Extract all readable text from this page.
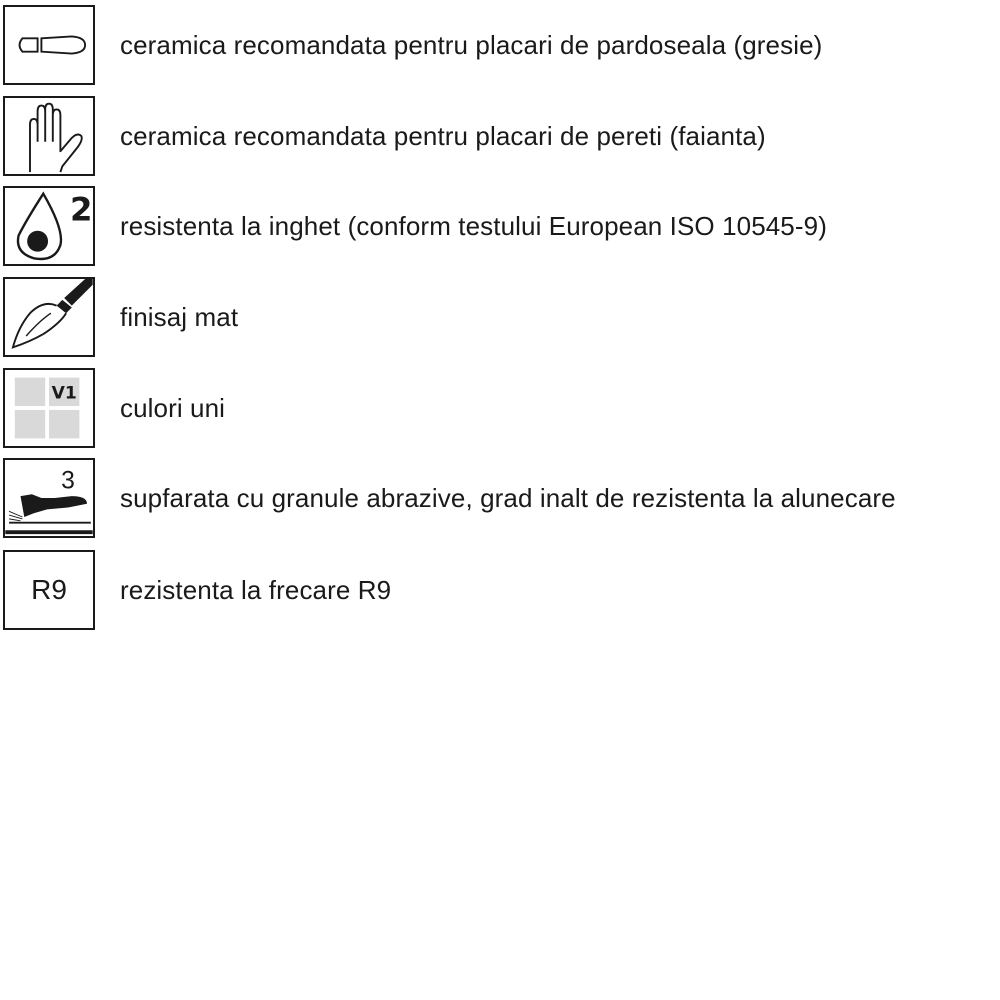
ceramica recomandata pentru placari de pardoseala (gresie)
ceramica recomandata pentru placari de pereti (faianta)
2 resistenta la inghet (conform testului European ISO 10545-9)
finisaj mat
V1 culori uni
3
supfarata cu granule abrazive, grad inalt de rezistenta la alunecare
R9	rezistenta la frecare R9
